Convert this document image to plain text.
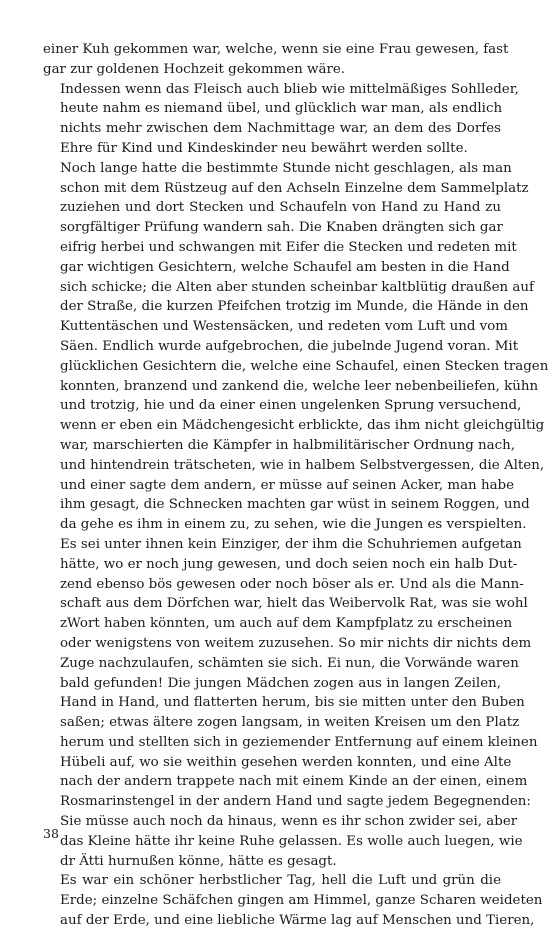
einer Kuh gekommen war, welche, wenn sie eine Frau gewesen, fast
gar zur goldenen Hochzeit gekommen wäre.

Indessen wenn das Fleisch auch blieb wie mittelmäßiges Sohlleder,
heute nahm es niemand übel, und glücklich war man, als endlich
nichts mehr zwischen dem Nachmittage war, an dem des Dorfes
Ehre für Kind und Kindeskinder neu bewährt werden sollte.

Noch lange hatte die bestimmte Stunde nicht geschlagen, als man
schon mit dem Rüstzeug auf den Achseln Einzelne dem Sammelplatz
zuziehen und dort Stecken und Schaufeln von Hand zu Hand zu
sorgfältiger Prüfung wandern sah. Die Knaben drängten sich gar
eifrig herbei und schwangen mit Eifer die Stecken und redeten mit
gar wichtigen Gesichtern, welche Schaufel am besten in die Hand
sich schicke; die Alten aber stunden scheinbar kaltblütig draußen auf
der Straße, die kurzen Pfeifchen trotzig im Munde, die Hände in den
Kuttentäschen und Westensäcken, und redeten vom Luft und vom
Säen. Endlich wurde aufgebrochen, die jubelnde Jugend voran. Mit
glücklichen Gesichtern die, welche eine Schaufel, einen Stecken tragen
konnten, branzend und zankend die, welche leer nebenbeiliefen, kühn
und trotzig, hie und da einer einen ungelenken Sprung versuchend,
wenn er eben ein Mädchengesicht erblickte, das ihm nicht gleichgültig
war, marschierten die Kämpfer in halbmilitärischer Ordnung nach,
und hintendrein trätscheten, wie in halbem Selbstvergessen, die Alten,
und einer sagte dem andern, er müsse auf seinen Acker, man habe
ihm gesagt, die Schnecken machten gar wüst in seinem Roggen, und
da gehe es ihm in einem zu, zu sehen, wie die Jungen es verspielten.
Es sei unter ihnen kein Einziger, der ihm die Schuhriemen aufgetan
hätte, wo er noch jung gewesen, und doch seien noch ein halb Dut-
zend ebenso bös gewesen oder noch böser als er. Und als die Mann-
schaft aus dem Dörfchen war, hielt das Weibervolk Rat, was sie wohl
zWort haben könnten, um auch auf dem Kampfplatz zu erscheinen
oder wenigstens von weitem zuzusehen. So mir nichts dir nichts dem
Zuge nachzulaufen, schämten sie sich. Ei nun, die Vorwände waren
bald gefunden! Die jungen Mädchen zogen aus in langen Zeilen,
Hand in Hand, und flatterten herum, bis sie mitten unter den Buben
saßen; etwas ältere zogen langsam, in weiten Kreisen um den Platz
herum und stellten sich in geziemender Entfernung auf einem kleinen
Hübeli auf, wo sie weithin gesehen werden konnten, und eine Alte
nach der andern trappete nach mit einem Kinde an der einen, einem
Rosmarinstengel in der andern Hand und sagte jedem Begegnenden:
Sie müsse auch noch da hinaus, wenn es ihr schon zwider sei, aber
das Kleine hätte ihr keine Ruhe gelassen. Es wolle auch luegen, wie
dr Ätti hurnußen könne, hätte es gesagt.

Es war ein schöner herbstlicher Tag, hell die Luft und grün die
Erde; einzelne Schäfchen gingen am Himmel, ganze Scharen weideten
auf der Erde, und eine liebliche Wärme lag auf Menschen und Tieren,

38
